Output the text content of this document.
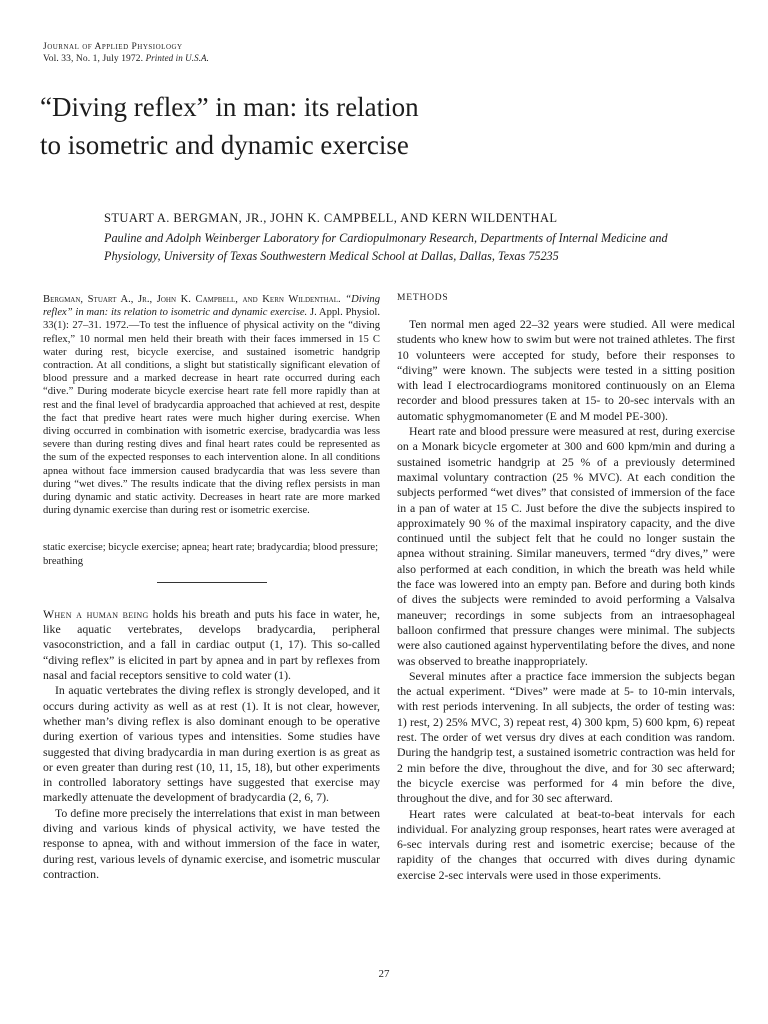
Journal of Applied Physiology
Vol. 33, No. 1, July 1972. Printed in U.S.A.
“Diving reflex” in man: its relation
to isometric and dynamic exercise

STUART A. BERGMAN, JR., JOHN K. CAMPBELL, AND KERN WILDENTHAL

Pauline and Adolph Weinberger Laboratory for Cardiopulmonary Research, Departments of Internal Medicine and Physiology, University of Texas Southwestern Medical School at Dallas, Dallas, Texas 75235

Bergman, Stuart A., Jr., John K. Campbell, and Kern Wildenthal. “Diving reflex” in man: its relation to isometric and dynamic exercise. J. Appl. Physiol. 33(1): 27–31. 1972.—To test the influence of physical activity on the “diving reflex,” 10 normal men held their breath with their faces immersed in 15 C water during rest, bicycle exercise, and sustained isometric handgrip contraction. At all conditions, a slight but statistically significant elevation of blood pressure and a marked decrease in heart rate occurred during each “dive.” During moderate bicycle exercise heart rate fell more rapidly than at rest and the final level of bradycardia approached that achieved at rest, despite the fact that predive heart rates were much higher during exercise. When diving occurred in combination with isometric exercise, bradycardia was less severe than during resting dives and final heart rates could be represented as the sum of the expected responses to each intervention alone. In all conditions apnea without face immersion caused bradycardia that was less severe than during “wet dives.” The results indicate that the diving reflex persists in man during dynamic and static activity. Decreases in heart rate are more marked during dynamic exercise than during rest or isometric exercise.

static exercise; bicycle exercise; apnea; heart rate; bradycardia; blood pressure; breathing

When a human being holds his breath and puts his face in water, he, like aquatic vertebrates, develops bradycardia, peripheral vasoconstriction, and a fall in cardiac output (1, 17). This so-called “diving reflex” is elicited in part by apnea and in part by reflexes from nasal and facial receptors sensitive to cold water (1).

In aquatic vertebrates the diving reflex is strongly developed, and it occurs during activity as well as at rest (1). It is not clear, however, whether man’s diving reflex is also dominant enough to be operative during exertion of various types and intensities. Some studies have suggested that diving bradycardia in man during exertion is as great as or even greater than during rest (10, 11, 15, 18), but other experiments in controlled laboratory settings have suggested that exercise may markedly attenuate the development of bradycardia (2, 6, 7).

To define more precisely the interrelations that exist in man between diving and various kinds of physical activity, we have tested the response to apnea, with and without immersion of the face in water, during rest, various levels of dynamic exercise, and isometric muscular contraction.

METHODS

Ten normal men aged 22–32 years were studied. All were medical students who knew how to swim but were not trained athletes. The first 10 volunteers were accepted for study, before their responses to “diving” were known. The subjects were tested in a sitting position with lead I electrocardiograms monitored continuously on an Elema recorder and blood pressures taken at 15- to 20-sec intervals with an automatic sphygmomanometer (E and M model PE-300).

Heart rate and blood pressure were measured at rest, during exercise on a Monark bicycle ergometer at 300 and 600 kpm/min and during a sustained isometric handgrip at 25 % of a previously determined maximal voluntary contraction (25 % MVC). At each condition the subjects performed “wet dives” that consisted of immersion of the face in a pan of water at 15 C. Just before the dive the subjects inspired to approximately 90 % of the maximal inspiratory capacity, and the dive continued until the subject felt that he could no longer sustain the apnea without straining. Similar maneuvers, termed “dry dives,” were also performed at each condition, in which the breath was held while the face was lowered into an empty pan. Before and during both kinds of dives the subjects were reminded to avoid performing a Valsalva maneuver; recordings in some subjects from an intraesophageal balloon confirmed that pressure changes were minimal. The subjects were also cautioned against hyperventilating before the dives, and none was observed to breathe inappropriately.

Several minutes after a practice face immersion the subjects began the actual experiment. “Dives” were made at 5- to 10-min intervals, with rest periods intervening. In all subjects, the order of testing was: 1) rest, 2) 25% MVC, 3) repeat rest, 4) 300 kpm, 5) 600 kpm, 6) repeat rest. The order of wet versus dry dives at each condition was random. During the handgrip test, a sustained isometric contraction was held for 2 min before the dive, throughout the dive, and for 30 sec afterward; the bicycle exercise was performed for 4 min before the dive, throughout the dive, and for 30 sec afterward.

Heart rates were calculated at beat-to-beat intervals for each individual. For analyzing group responses, heart rates were averaged at 6-sec intervals during rest and isometric exercise; because of the rapidity of the changes that occurred with dives during dynamic exercise 2-sec intervals were used in those experiments.

27
